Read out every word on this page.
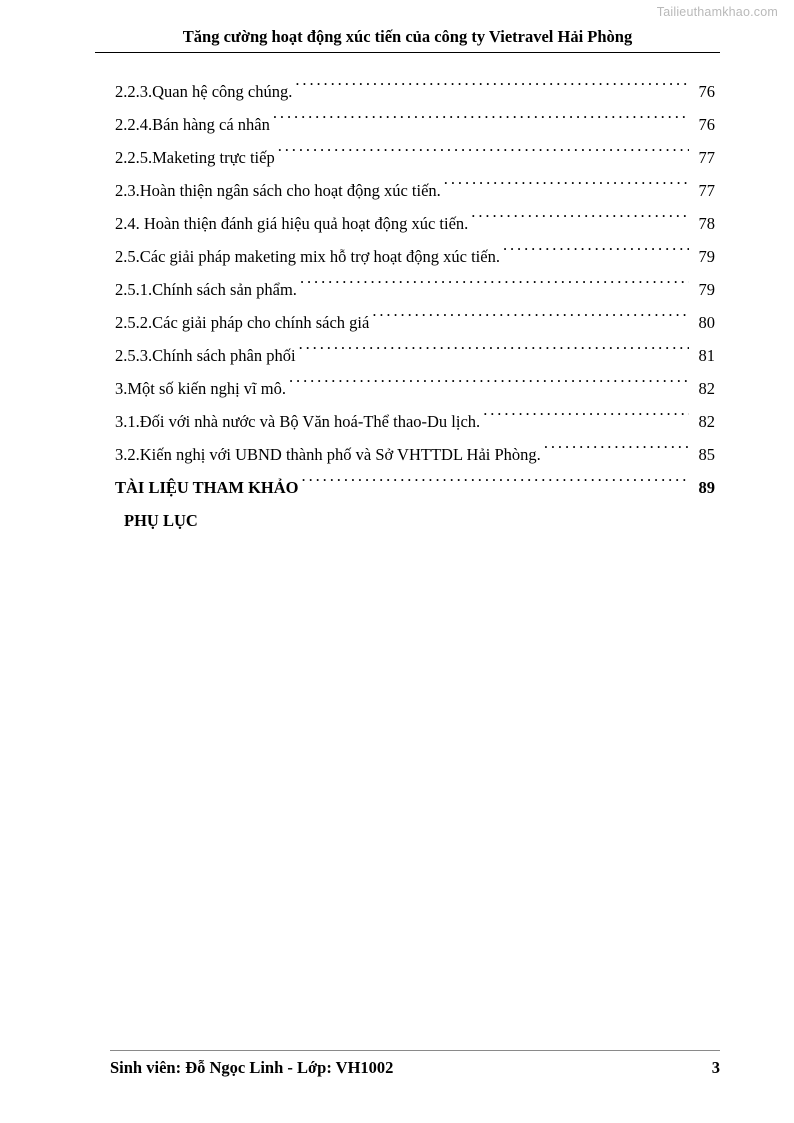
Tailieuthamkhao.com
Tăng cường hoạt động xúc tiến của công ty Vietravel Hải Phòng
2.2.3.Quan hệ công chúng. . . .	76
2.2.4.Bán hàng cá nhân . . .	76
2.2.5.Maketing trực tiếp . . .	77
2.3.Hoàn thiện ngân sách cho hoạt động xúc tiến. . . .	77
2.4. Hoàn thiện đánh giá hiệu quả hoạt động xúc tiến. . . .	78
2.5.Các giải pháp maketing mix hỗ trợ hoạt động xúc tiến. . . .	79
2.5.1.Chính sách sản phẩm. . . .	79
2.5.2.Các giải pháp cho chính sách giá . . .	80
2.5.3.Chính sách phân phối . . .	81
3.Một số kiến nghị vĩ mô. . . .	82
3.1.Đối với nhà nước và Bộ Văn hoá-Thể thao-Du lịch. . . .	82
3.2.Kiến nghị với UBND thành phố và Sở VHTTDL Hải Phòng. . . .	85
TÀI LIỆU THAM KHẢO . . .	89
PHỤ LỤC
Sinh viên: Đỗ Ngọc Linh - Lớp: VH1002	3
